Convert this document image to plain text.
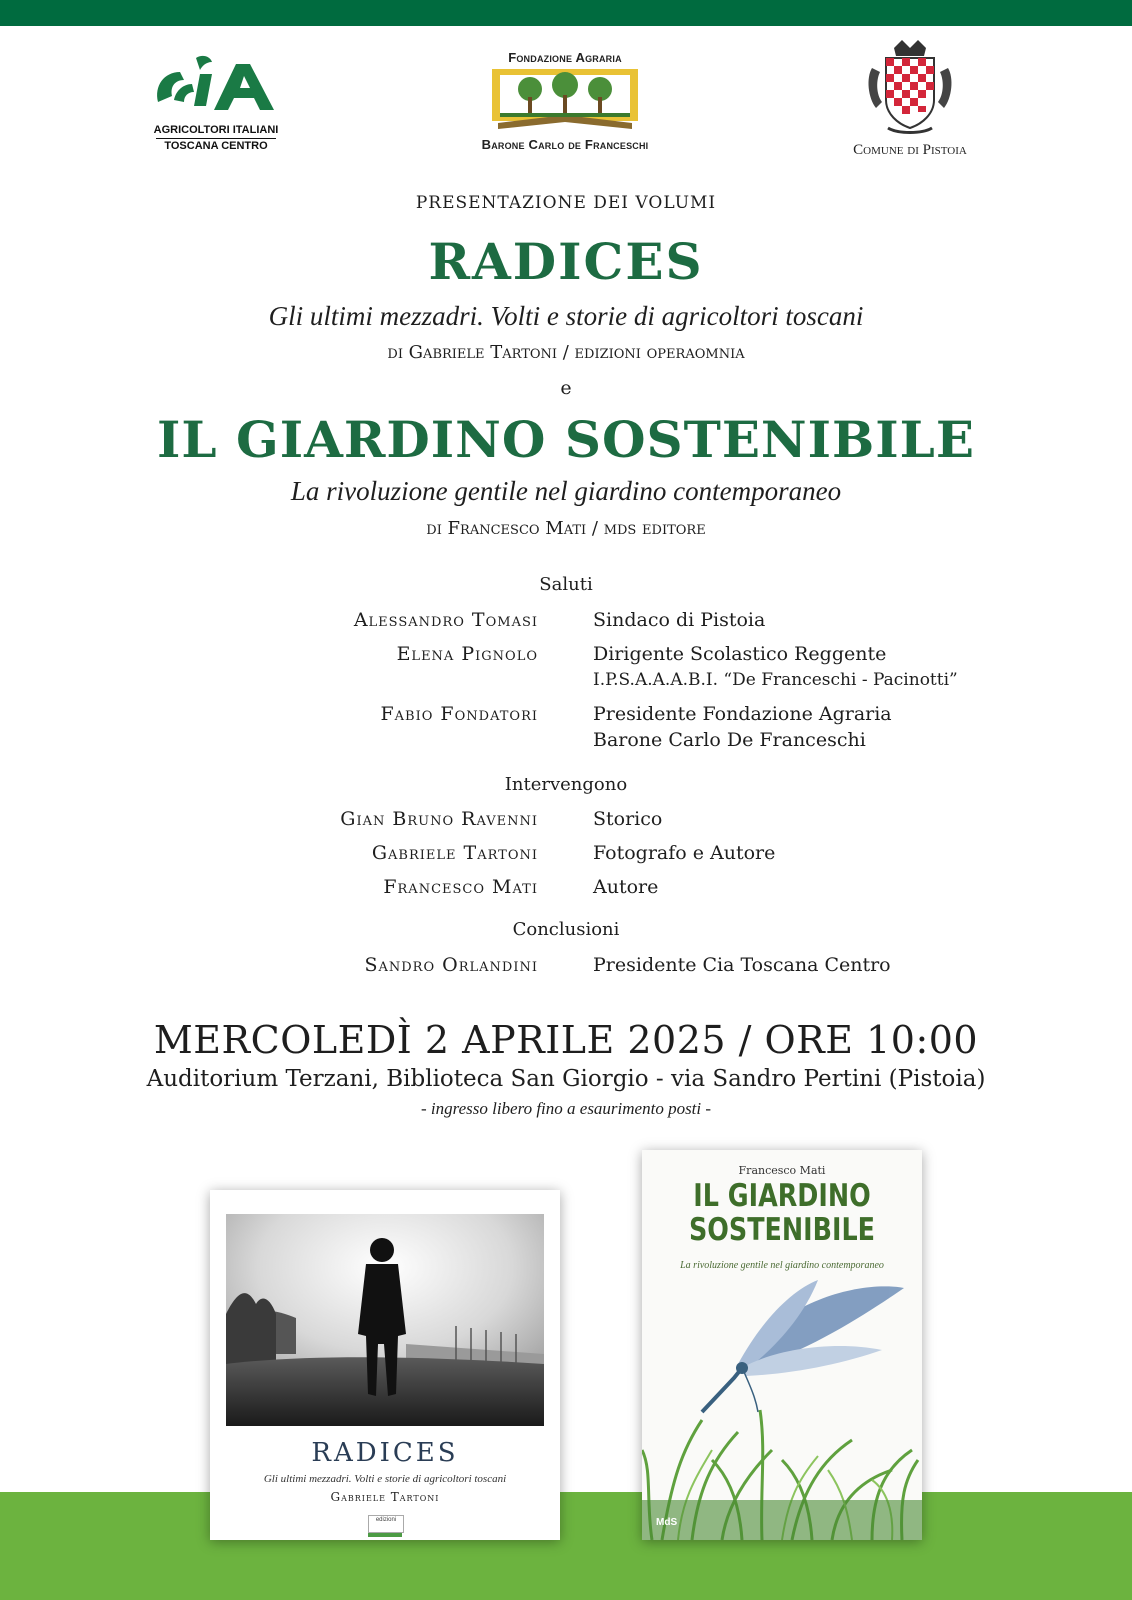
AGRICOLTORI ITALIANI
TOSCANA CENTRO
Fondazione Agraria
Barone Carlo de Franceschi	Comune di Pistoia
PRESENTAZIONE DEI VOLUMI
RADICES
Gli ultimi mezzadri. Volti e storie di agricoltori toscani
di Gabriele Tartoni / edizioni operaomnia
e
IL GIARDINO SOSTENIBILE
La rivoluzione gentile nel giardino contemporaneo
di Francesco Mati / mds editore
Saluti
Alessandro Tomasi	Sindaco di Pistoia
Elena Pignolo	Dirigente Scolastico Reggente
I.P.S.A.A.A.B.I. “De Franceschi - Pacinotti”
Fabio Fondatori	Presidente Fondazione Agraria
Barone Carlo De Franceschi
Intervengono
Gian Bruno Ravenni	Storico
Gabriele Tartoni	Fotografo e Autore
Francesco Mati	Autore
Conclusioni
Sandro Orlandini	Presidente Cia Toscana Centro
MERCOLEDÌ 2 APRILE 2025 / ORE 10:00
Auditorium Terzani, Biblioteca San Giorgio - via Sandro Pertini (Pistoia)
- ingresso libero fino a esaurimento posti -
RADICES
Gli ultimi mezzadri. Volti e storie di agricoltori toscani
Gabriele Tartoni
edizioni
Francesco Mati
IL GIARDINO
SOSTENIBILE
La rivoluzione gentile nel giardino contemporaneo
MdS
